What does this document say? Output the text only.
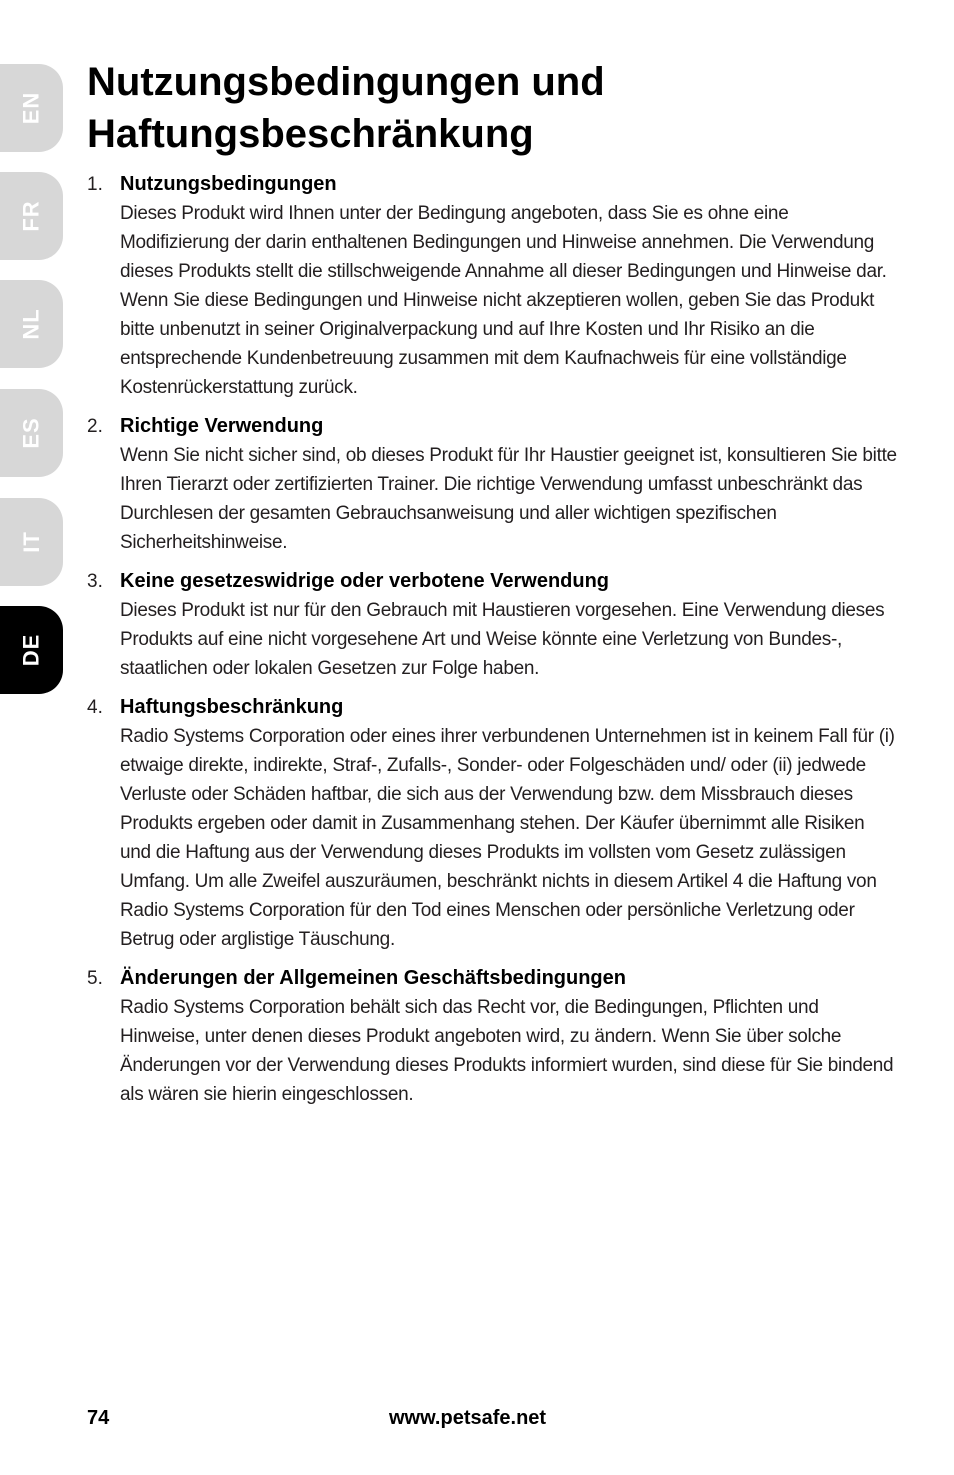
EN
FR
NL
ES
IT
DE
Nutzungsbedingungen und Haftungsbeschränkung
1. Nutzungsbedingungen
Dieses Produkt wird Ihnen unter der Bedingung angeboten, dass Sie es ohne eine Modifizierung der darin enthaltenen Bedingungen und Hinweise annehmen. Die Verwendung dieses Produkts stellt die stillschweigende Annahme all dieser Bedingungen und Hinweise dar. Wenn Sie diese Bedingungen und Hinweise nicht akzeptieren wollen, geben Sie das Produkt bitte unbenutzt in seiner Originalverpackung und auf Ihre Kosten und Ihr Risiko an die entsprechende Kundenbetreuung zusammen mit dem Kaufnachweis für eine vollständige Kostenrückerstattung zurück.
2. Richtige Verwendung
Wenn Sie nicht sicher sind, ob dieses Produkt für Ihr Haustier geeignet ist, konsultieren Sie bitte Ihren Tierarzt oder zertifizierten Trainer. Die richtige Verwendung umfasst unbeschränkt das Durchlesen der gesamten Gebrauchsanweisung und aller wichtigen spezifischen Sicherheitshinweise.
3. Keine gesetzeswidrige oder verbotene Verwendung
Dieses Produkt ist nur für den Gebrauch mit Haustieren vorgesehen. Eine Verwendung dieses Produkts auf eine nicht vorgesehene Art und Weise könnte eine Verletzung von Bundes-, staatlichen oder lokalen Gesetzen zur Folge haben.
4. Haftungsbeschränkung
Radio Systems Corporation oder eines ihrer verbundenen Unternehmen ist in keinem Fall für (i) etwaige direkte, indirekte, Straf-, Zufalls-, Sonder- oder Folgeschäden und/ oder (ii) jedwede Verluste oder Schäden haftbar, die sich aus der Verwendung bzw. dem Missbrauch dieses Produkts ergeben oder damit in Zusammenhang stehen. Der Käufer übernimmt alle Risiken und die Haftung aus der Verwendung dieses Produkts im vollsten vom Gesetz zulässigen Umfang. Um alle Zweifel auszuräumen, beschränkt nichts in diesem Artikel 4 die Haftung von Radio Systems Corporation für den Tod eines Menschen oder persönliche Verletzung oder Betrug oder arglistige Täuschung.
5. Änderungen der Allgemeinen Geschäftsbedingungen
Radio Systems Corporation behält sich das Recht vor, die Bedingungen, Pflichten und Hinweise, unter denen dieses Produkt angeboten wird, zu ändern. Wenn Sie über solche Änderungen vor der Verwendung dieses Produkts informiert wurden, sind diese für Sie bindend als wären sie hierin eingeschlossen.
74	www.petsafe.net
